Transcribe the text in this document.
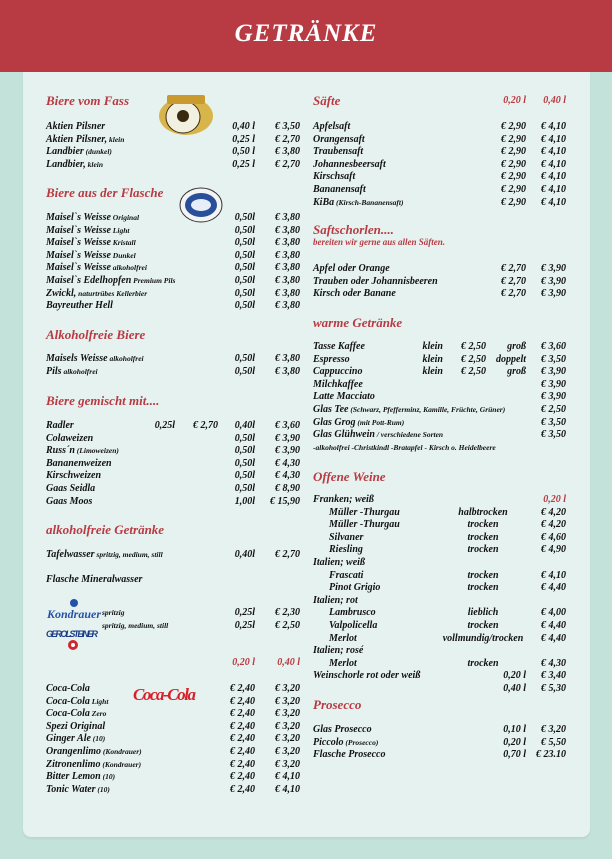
GETRÄNKE
Biere vom Fass
Aktien Pilsner	0,40 l € 3,50
Aktien Pilsner, klein	0,25 l € 2,70
Landbier (dunkel)	0,50 l € 3,80
Landbier, klein	0,25 l € 2,70
Biere aus der Flasche
Maisel`s Weisse Original	0,50l € 3,80
Maisel`s Weisse Light	0,50l € 3,80
Maisel`s Weisse Kristall	0,50l € 3,80
Maisel`s Weisse Dunkel	0,50l € 3,80
Maisel`s Weisse alkoholfrei	0,50l € 3,80
Maisel`s Edelhopfen Premium Pils	0,50l € 3,80
Zwickl, naturtrübes Kellerbier	0,50l € 3,80
Bayreuther Hell	0,50l € 3,80
Alkoholfreie Biere
Maisels Weisse alkoholfrei	0,50l € 3,80
Pils alkoholfrei	0,50l € 3,80
Biere gemischt mit....
Radler	0,25l € 2,70 0,40l € 3,60
Colaweizen	0,50l € 3,90
Russ´n (Limoweizen)	0,50l € 3,90
Bananenweizen	0,50l € 4,30
Kirschweizen	0,50l € 4,30
Gaas Seidla	0,50l € 8,90
Gaas Moos	1,00l € 15,90
alkoholfreie Getränke
Tafelwasser spritzig, medium, still	0,40l € 2,70
Flasche Mineralwasser
Kondrauer
GEROLSTEINER
spritzig	0,25l € 2,30
spritzig, medium, still	0,25l € 2,50
0,20 l 0,40 l
Coca-Cola
Coca-Cola	€ 2,40 € 3,20
Coca-Cola Light	€ 2,40 € 3,20
Coca-Cola Zero	€ 2,40 € 3,20
Spezi Original	€ 2,40 € 3,20
Ginger Ale (10)	€ 2,40 € 3,20
Orangenlimo (Kondrauer)	€ 2,40 € 3,20
Zitronenlimo (Kondrauer)	€ 2,40 € 3,20
Bitter Lemon (10)	€ 2,40 € 4,10
Tonic Water (10)	€ 2,40 € 4,10
Säfte	0,20 l 0,40 l
Apfelsaft	€ 2,90 € 4,10
Orangensaft	€ 2,90 € 4,10
Traubensaft	€ 2,90 € 4,10
Johannesbeersaft	€ 2,90 € 4,10
Kirschsaft	€ 2,90 € 4,10
Bananensaft	€ 2,90 € 4,10
KiBa (Kirsch-Bananensaft)	€ 2,90 € 4,10
Saftschorlen....
bereiten wir gerne aus allen Säften.
Apfel oder Orange	€ 2,70 € 3,90
Trauben oder Johannisbeeren	€ 2,70 € 3,90
Kirsch oder Banane	€ 2,70 € 3,90
warme Getränke
Tasse Kaffee	klein € 2,50 groß € 3,60
Espresso	klein € 2,50 doppelt € 3,50
Cappuccino	klein € 2,50 groß € 3,90
Milchkaffee	€ 3,90
Latte Macciato	€ 3,90
Glas Tee (Schwarz, Pfefferminz, Kamille, Früchte, Grüner)	€ 2,50
Glas Grog (mit Pott-Rum)	€ 3,50
Glas Glühwein / verschiedene Sorten	€ 3,50
-alkoholfrei -Christkindl -Bratapfel - Kirsch o. Heidelbeere
Offene Weine
Franken; weiß	0,20 l
Müller -Thurgau	halbtrocken	€ 4,20
Müller -Thurgau	trocken	€ 4,20
Silvaner	trocken	€ 4,60
Riesling	trocken	€ 4,90
Italien; weiß
Frascati	trocken	€ 4,10
Pinot Grigio	trocken	€ 4,40
Italien; rot
Lambrusco	lieblich	€ 4,00
Valpolicella	trocken	€ 4,40
Merlot	vollmundig/trocken	€ 4,40
Italien; rosé
Merlot	trocken	€ 4,30
Weinschorle rot oder weiß	0,20 l € 3,40
0,40 l € 5,30
Prosecco
Glas Prosecco	0,10 l € 3,20
Piccolo (Prosecco)	0,20 l € 5,50
Flasche Prosecco	0,70 l € 23.10
